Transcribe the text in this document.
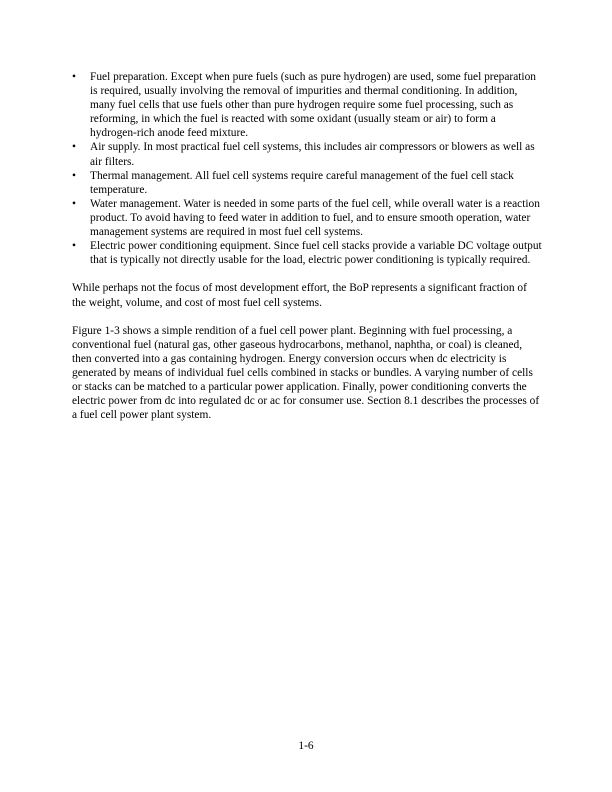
•	Fuel preparation. Except when pure fuels (such as pure hydrogen) are used, some fuel preparation is required, usually involving the removal of impurities and thermal conditioning. In addition, many fuel cells that use fuels other than pure hydrogen require some fuel processing, such as reforming, in which the fuel is reacted with some oxidant (usually steam or air) to form a hydrogen-rich anode feed mixture.
•	Air supply. In most practical fuel cell systems, this includes air compressors or blowers as well as air filters.
•	Thermal management. All fuel cell systems require careful management of the fuel cell stack temperature.
•	Water management. Water is needed in some parts of the fuel cell, while overall water is a reaction product. To avoid having to feed water in addition to fuel, and to ensure smooth operation, water management systems are required in most fuel cell systems.
•	Electric power conditioning equipment. Since fuel cell stacks provide a variable DC voltage output that is typically not directly usable for the load, electric power conditioning is typically required.

While perhaps not the focus of most development effort, the BoP represents a significant fraction of the weight, volume, and cost of most fuel cell systems.

Figure 1-3 shows a simple rendition of a fuel cell power plant. Beginning with fuel processing, a conventional fuel (natural gas, other gaseous hydrocarbons, methanol, naphtha, or coal) is cleaned, then converted into a gas containing hydrogen. Energy conversion occurs when dc electricity is generated by means of individual fuel cells combined in stacks or bundles. A varying number of cells or stacks can be matched to a particular power application. Finally, power conditioning converts the electric power from dc into regulated dc or ac for consumer use. Section 8.1 describes the processes of a fuel cell power plant system.

1-6
